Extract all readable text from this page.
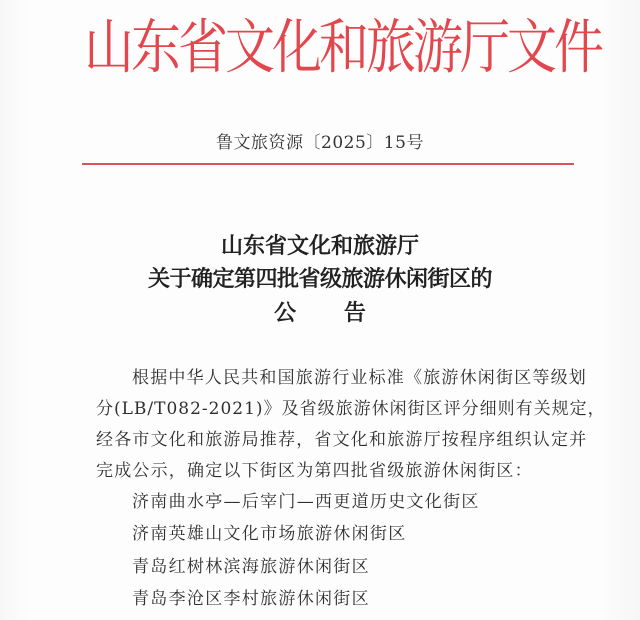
山东省文化和旅游厅文件
鲁文旅资源〔2025〕15号
山东省文化和旅游厅
关于确定第四批省级旅游休闲街区的
公 告
根据中华人民共和国旅游行业标准《旅游休闲街区等级划
分(LB/T082-2021)》及省级旅游休闲街区评分细则有关规定，
经各市文化和旅游局推荐，省文化和旅游厅按程序组织认定并
完成公示，确定以下街区为第四批省级旅游休闲街区：
济南曲水亭—后宰门—西更道历史文化街区
济南英雄山文化市场旅游休闲街区
青岛红树林滨海旅游休闲街区
青岛李沧区李村旅游休闲街区
